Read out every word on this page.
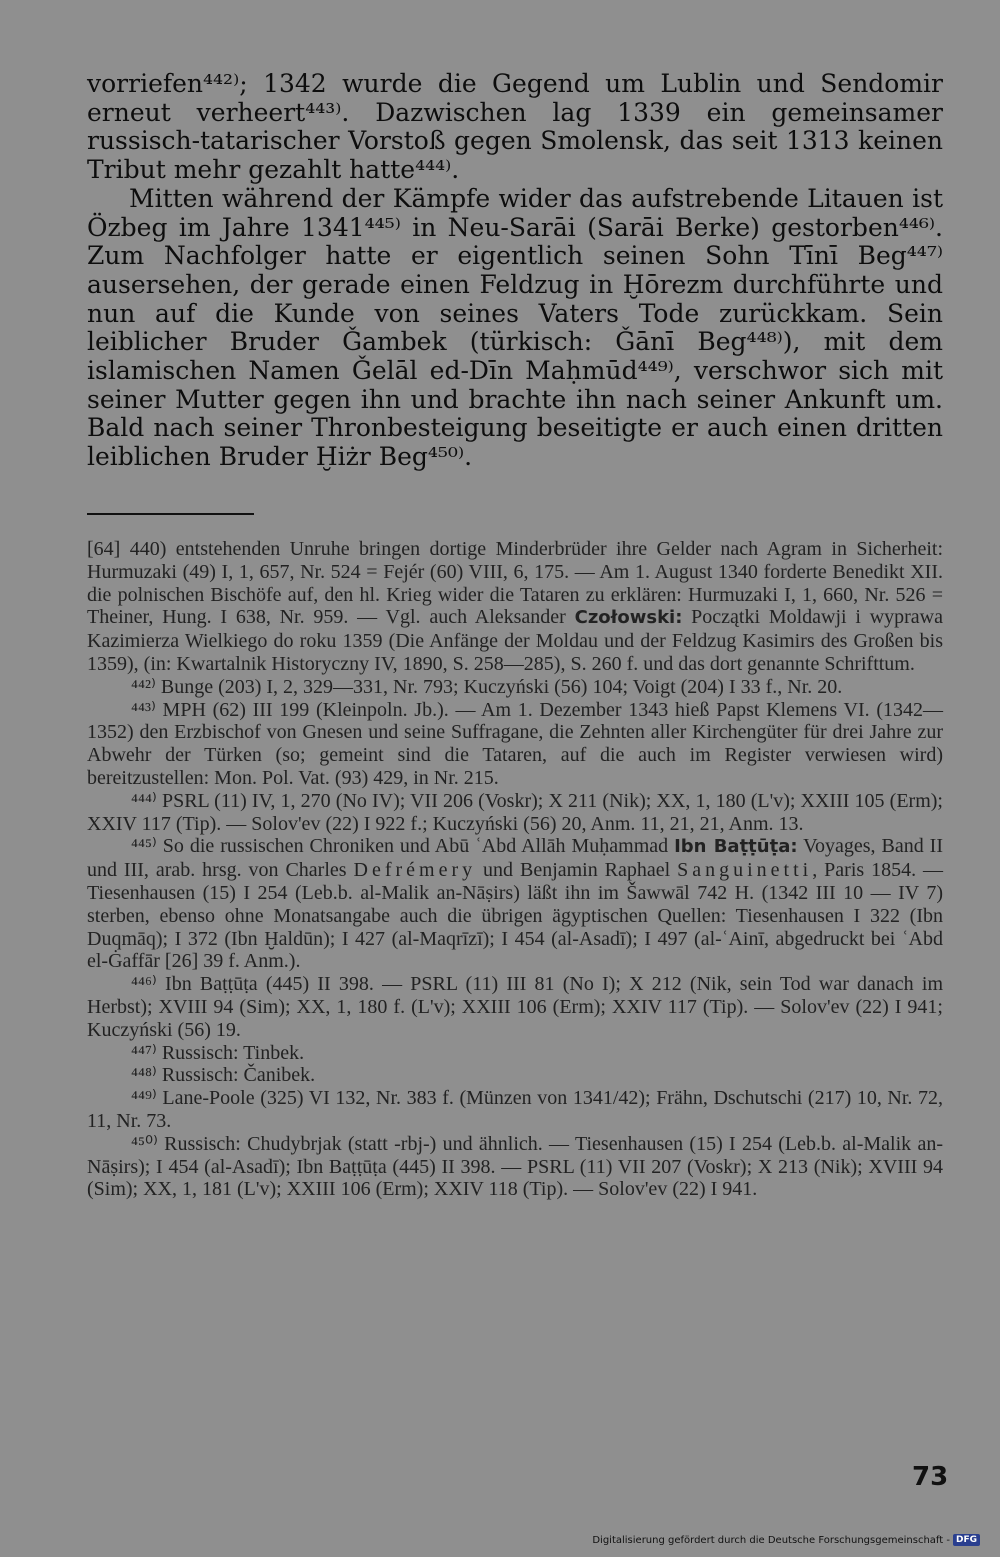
vorriefen⁴⁴²⁾; 1342 wurde die Gegend um Lublin und Sendomir erneut verheert⁴⁴³⁾. Dazwischen lag 1339 ein gemeinsamer russisch-tatarischer Vorstoß gegen Smolensk, das seit 1313 keinen Tribut mehr gezahlt hatte⁴⁴⁴⁾.

Mitten während der Kämpfe wider das aufstrebende Litauen ist Özbeg im Jahre 1341⁴⁴⁵⁾ in Neu-Sarāi (Sarāi Berke) gestorben⁴⁴⁶⁾. Zum Nachfolger hatte er eigentlich seinen Sohn Tīnī Beg⁴⁴⁷⁾ ausersehen, der gerade einen Feldzug in Ḫōrezm durchführte und nun auf die Kunde von seines Vaters Tode zurückkam. Sein leiblicher Bruder Ǧambek (türkisch: Ǧānī Beg⁴⁴⁸⁾), mit dem islamischen Namen Ǧelāl ed-Dīn Maḥmūd⁴⁴⁹⁾, verschwor sich mit seiner Mutter gegen ihn und brachte ihn nach seiner Ankunft um. Bald nach seiner Thronbesteigung beseitigte er auch einen dritten leiblichen Bruder Ḫiżr Beg⁴⁵⁰⁾.

[64] 440) entstehenden Unruhe bringen dortige Minderbrüder ihre Gelder nach Agram in Sicherheit: Hurmuzaki (49) I, 1, 657, Nr. 524 = Fejér (60) VIII, 6, 175. — Am 1. August 1340 forderte Benedikt XII. die polnischen Bischöfe auf, den hl. Krieg wider die Tataren zu erklären: Hurmuzaki I, 1, 660, Nr. 526 = Theiner, Hung. I 638, Nr. 959. — Vgl. auch Aleksander Czołowski: Początki Moldawji i wyprawa Kazimierza Wielkiego do roku 1359 (Die Anfänge der Moldau und der Feldzug Kasimirs des Großen bis 1359), (in: Kwartalnik Historyczny IV, 1890, S. 258—285), S. 260 f. und das dort genannte Schrifttum.

⁴⁴²⁾ Bunge (203) I, 2, 329—331, Nr. 793; Kuczyński (56) 104; Voigt (204) I 33 f., Nr. 20.

⁴⁴³⁾ MPH (62) III 199 (Kleinpoln. Jb.). — Am 1. Dezember 1343 hieß Papst Klemens VI. (1342—1352) den Erzbischof von Gnesen und seine Suffragane, die Zehnten aller Kirchengüter für drei Jahre zur Abwehr der Türken (so; gemeint sind die Tataren, auf die auch im Register verwiesen wird) bereitzustellen: Mon. Pol. Vat. (93) 429, in Nr. 215.

⁴⁴⁴⁾ PSRL (11) IV, 1, 270 (No IV); VII 206 (Voskr); X 211 (Nik); XX, 1, 180 (L'v); XXIII 105 (Erm); XXIV 117 (Tip). — Solov'ev (22) I 922 f.; Kuczyński (56) 20, Anm. 11, 21, 21, Anm. 13.

⁴⁴⁵⁾ So die russischen Chroniken und Abū ʿAbd Allāh Muḥammad Ibn Baṭṭūṭa: Voyages, Band II und III, arab. hrsg. von Charles Defrémery und Benjamin Raphael Sanguinetti, Paris 1854. — Tiesenhausen (15) I 254 (Leb.b. al-Malik an-Nāṣirs) läßt ihn im Šawwāl 742 H. (1342 III 10 — IV 7) sterben, ebenso ohne Monatsangabe auch die übrigen ägyptischen Quellen: Tiesenhausen I 322 (Ibn Duqmāq); I 372 (Ibn Ḫaldūn); I 427 (al-Maqrīzī); I 454 (al-Asadī); I 497 (al-ʿAinī, abgedruckt bei ʿAbd el-Ġaffār [26] 39 f. Anm.).

⁴⁴⁶⁾ Ibn Baṭṭūṭa (445) II 398. — PSRL (11) III 81 (No I); X 212 (Nik, sein Tod war danach im Herbst); XVIII 94 (Sim); XX, 1, 180 f. (L'v); XXIII 106 (Erm); XXIV 117 (Tip). — Solov'ev (22) I 941; Kuczyński (56) 19.

⁴⁴⁷⁾ Russisch: Tinbek.

⁴⁴⁸⁾ Russisch: Čanibek.

⁴⁴⁹⁾ Lane-Poole (325) VI 132, Nr. 383 f. (Münzen von 1341/42); Frähn, Dschutschi (217) 10, Nr. 72, 11, Nr. 73.

⁴⁵⁰⁾ Russisch: Chudybrjak (statt -rbj-) und ähnlich. — Tiesenhausen (15) I 254 (Leb.b. al-Malik an-Nāṣirs); I 454 (al-Asadī); Ibn Baṭṭūṭa (445) II 398. — PSRL (11) VII 207 (Voskr); X 213 (Nik); XVIII 94 (Sim); XX, 1, 181 (L'v); XXIII 106 (Erm); XXIV 118 (Tip). — Solov'ev (22) I 941.

73
Digitalisierung gefördert durch die Deutsche Forschungsgemeinschaft - DFG
